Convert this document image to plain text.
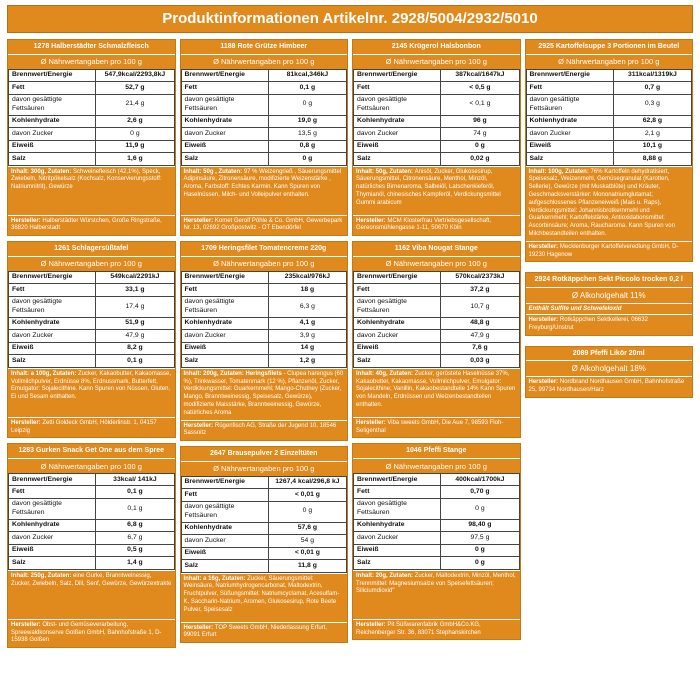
Produktinformationen Artikelnr. 2928/5004/2932/5010
1278 Halberstädter Schmalzfleisch
Ø Nährwertangaben pro 100 g
Brennwert/Energie	547,9kcal/2293,8kJ
Fett	52,7 g
davon gesättigte Fettsäuren	21,4 g
Kohlenhydrate	2,6 g
davon Zucker	0 g
Eiweiß	11,9 g
Salz	1,6 g
Inhalt: 300g, Zutaten: Schweinefleisch (42,1%), Speck, Zwiebeln, Nitritpökelsalz (Kochsalz, Konservierungsstoff: Natriumnitrit), Gewürze
Hersteller: Halberstädter Würstchen, Große Ringstraße, 38820 Halberstadt
1261 Schlagersüßtafel
Ø Nährwertangaben pro 100 g
Brennwert/Energie	549kcal/2291kJ
Fett	33,1 g
davon gesättigte Fettsäuren	17,4 g
Kohlenhydrate	51,9 g
davon Zucker	47,9 g
Eiweiß	8,2 g
Salz	0,1 g
Inhalt: a 100g, Zutaten: Zucker, Kakaobutter, Kakaomasse, Vollmilchpulver, Erdnüsse 8%, Erdnussmark, Butterfett, Emulgator: Sojalecithine. Kann Spuren von Nüssen, Gluten, Ei und Sesam enthalten.
Hersteller: Zetti Goldeck GmbH, Hölderlinstr. 1, 04157 Leipzig
1283 Gurken Snack Get One aus dem Spree
Ø Nährwertangaben pro 100 g
Brennwert/Energie	33kcal/ 141kJ
Fett	0,1 g
davon gesättigte Fettsäuren	0,1 g
Kohlenhydrate	6,8 g
davon Zucker	6,7 g
Eiweiß	0,5 g
Salz	1,4 g
Inhalt: 250g, Zutaten: eine Gurke, Branntweinessig, Zucker, Zwiebeln, Salz, Dill, Senf, Gewürze, Gewürzextrakte
Hersteller: Obst- und Gemüseverarbeitung, Spreewaldkonserve Golßen GmbH, Bahnhofstraße 1, D-15938 Golßen
1188 Rote Grütze Himbeer
Ø Nährwertangaben pro 100 g
Brennwert/Energie	81kcal,346kJ
Fett	0,1 g
davon gesättigte Fettsäuren	0 g
Kohlenhydrate	19,0 g
davon Zucker	13,5 g
Eiweiß	0,8 g
Salz	0 g
Inhalt: 50g , Zutaten: 97 % Weizengrieß , Säuerungsmittel Adipinsäure, Zitronensäure, modifizierte Weizenstärke , Aroma, Farbstoff: Echtes Karmin. Kann Spuren von Haselnüssen, Milch- und Volleipulver enthalten.
Hersteller: Komet Gerolf Pöhle & Co. GmbH, Gewerbepark Nr. 13, 02692 Großpostwitz - OT Ebendörfel
1709 Heringsfilet Tomatencreme 220g
Ø Nährwertangaben pro 100 g
Brennwert/Energie	235kcal/976kJ
Fett	18 g
davon gesättigte Fettsäuren	6,3 g
Kohlenhydrate	4,1 g
davon Zucker	3,9 g
Eiweiß	14 g
Salz	1,2 g
Inhalt: 200g, Zutaten: Heringsfilets - Clupea harengus (60 %), Trinkwasser, Tomatenmark (12 %), Pflanzenöl, Zucker, Verdickungsmittel: Guarkernmehl; Mango-Chutney (Zucker, Mango, Branntweinessig, Speisesalz, Gewürze), modifizierte Maisstärke, Branntweinessig, Gewürze, natürliches Aroma
Hersteller: Rügenfisch AG, Straße der Jugend 10, 18546 Sassnitz
2647 Brausepulver 2 Einzeltüten
Ø Nährwertangaben pro 100 g
Brennwert/Energie	1267,4 kcal/296,8 kJ
Fett	< 0,01 g
davon gesättigte Fettsäuren	0 g
Kohlenhydrate	57,6 g
davon Zucker	54 g
Eiweiß	< 0,01 g
Salz	11,8 g
Inhalt: a 16g, Zutaten: Zucker, Säuerungsmittel: Weinsäure, Natriumhydrogencarbonat, Maltodextrin, Fruchtpulver, Süßungsmittel: Natriumcyclamat, Acesulfam-K, Saccharin-Natrium, Aromen, Glukosesirup, Rote Beete Pulver, Speisesalz
Hersteller: TOP Sweets GmbH, Niederlassung Erfurt, 99091 Erfurt
2145 Krügerol Halsbonbon
Ø Nährwertangaben pro 100 g
Brennwert/Energie	387kcal/1647kJ
Fett	< 0,5 g
davon gesättigte Fettsäuren	< 0,1 g
Kohlenhydrate	96 g
davon Zucker	74 g
Eiweiß	0 g
Salz	0,02 g
Inhalt: 50g, Zutaten: Anisöl, Zucker, Glukosesirup, Säuerungsmittel, Citronensäure, Menthol, Minzöl, natürliches Birnenaroma, Salbeiöl, Latschenkieferöl, Thymianöl, chinesisches Kampferöl, Verdickungsmittel Gummi arabicum
Hersteller: MCM Klosterfrau Vertriebsgesellschaft, Gereonsmühlengasse 1-11, 50670 Köln
1162 Viba Nougat Stange
Ø Nährwertangaben pro 100 g
Brennwert/Energie	570kcal/2373kJ
Fett	37,2 g
davon gesättigte Fettsäuren	10,7 g
Kohlenhydrate	48,8 g
davon Zucker	47,9 g
Eiweiß	7,6 g
Salz	0,03 g
Inhalt: 40g, Zutaten: Zucker, geröstete Haselnüsse 37%, Kakaobutter, Kakaomasse, Vollmilchpulver, Emulgator: Sojalecithine; Vanillin, Kakaobestandteile 14% Kann Spuren von Mandeln, Erdnüssen und Weizenbestandteilen enthalten.
Hersteller: Viba sweets GmbH, Die Aue 7, 98593 Floh-Seligenthal
1046 Pfeffi Stange
Ø Nährwertangaben pro 100 g
Brennwert/Energie	400kcal/1700kJ
Fett	0,70 g
davon gesättigte Fettsäuren	0 g
Kohlenhydrate	98,40 g
davon Zucker	97,5 g
Eiweiß	0 g
Salz	0 g
Inhalt: 20g, Zutaten: Zucker, Maltodextrin, Minzöl, Menthol, Trennmittel: Magnesiumsalze von Speisefettsäuren; Siliciumdioxid"
Hersteller: Pit Süßwarenfabrik GmbH&Co.KG, Reichenberger Str. 36, 83071 Stephanskirchen
2925 Kartoffelsuppe 3 Portionen im Beutel
Ø Nährwertangaben pro 100 g
Brennwert/Energie	311kcal/1319kJ
Fett	0,7 g
davon gesättigte Fettsäuren	0,3 g
Kohlenhydrate	62,8 g
davon Zucker	2,1 g
Eiweiß	10,1 g
Salz	8,88 g
Inhalt: 100g, Zutaten: 76% Kartoffeln dehydratisiert, Speisesalz, Weizenmehl, Gemüsegranulat (Karotten, Sellerie), Gewürze (mit Muskatblüte) und Kräuter, Geschmacksverstärker: Mononatriumglutamat; aufgeschlossenes Pflanzeneiweiß (Mais u. Raps), Verdickungsmittel: Johannisbrotkernmehl und Guarkernmehl; Kartoffelstärke, Antioxidationsmittel: Ascorbinsäure; Aroma, Raucharoma. Kann Spuren von Milchbestandteilen enthalten.
Hersteller: Mecklenburger Kartoffelveredlung GmbH, D-19230 Hagenow
2924 Rotkäppchen Sekt Piccolo trocken 0,2 l
Ø Alkoholgehalt 11%
Enthält Sulfite und Schwefeloxid
Hersteller: Rotkäppchen Sektkellerei, 06632 Freyburg/Unstrut
2089 Pfeffi Likör 20ml
Ø Alkoholgehalt 18%
Hersteller: Nordbrand Nordhausen GmbH, Bahnhofstraße 25, 99734 Nordhausen/Harz
